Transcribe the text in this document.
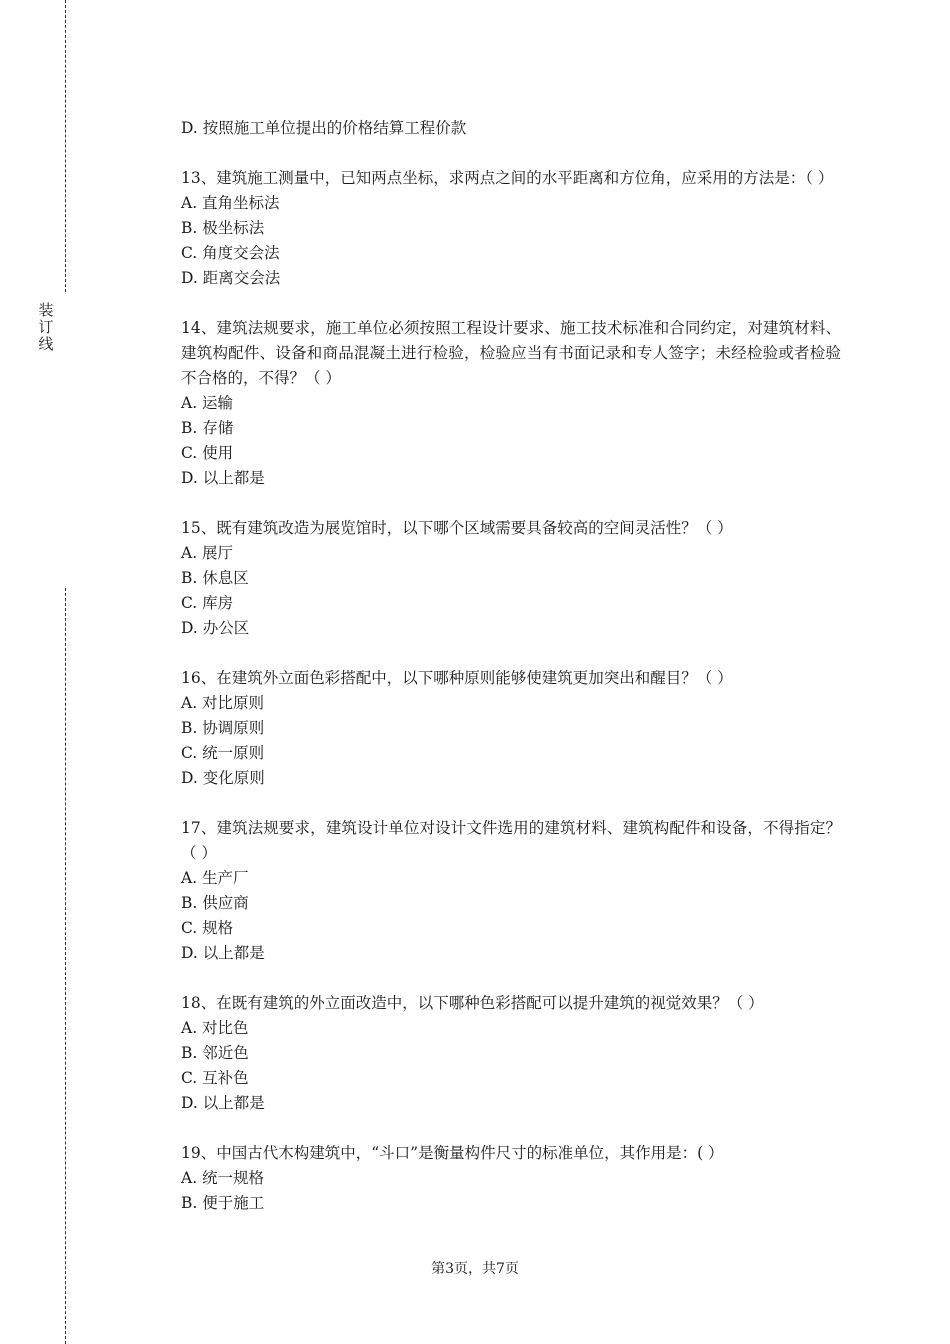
装
订
线

D. 按照施工单位提出的价格结算工程价款

13、建筑施工测量中，已知两点坐标，求两点之间的水平距离和方位角，应采用的方法是：（ ）

A. 直角坐标法

B. 极坐标法

C. 角度交会法

D. 距离交会法

14、建筑法规要求，施工单位必须按照工程设计要求、施工技术标准和合同约定，对建筑材料、建筑构配件、设备和商品混凝土进行检验，检验应当有书面记录和专人签字；未经检验或者检验不合格的，不得？（ ）

A. 运输

B. 存储

C. 使用

D. 以上都是

15、既有建筑改造为展览馆时，以下哪个区域需要具备较高的空间灵活性？（ ）

A. 展厅

B. 休息区

C. 库房

D. 办公区

16、在建筑外立面色彩搭配中，以下哪种原则能够使建筑更加突出和醒目？（ ）

A. 对比原则

B. 协调原则

C. 统一原则

D. 变化原则

17、建筑法规要求，建筑设计单位对设计文件选用的建筑材料、建筑构配件和设备，不得指定？（ ）

A. 生产厂

B. 供应商

C. 规格

D. 以上都是

18、在既有建筑的外立面改造中，以下哪种色彩搭配可以提升建筑的视觉效果？（ ）

A. 对比色

B. 邻近色

C. 互补色

D. 以上都是

19、中国古代木构建筑中，“斗口”是衡量构件尺寸的标准单位，其作用是：( ）

A. 统一规格

B. 便于施工

第3页，共7页
